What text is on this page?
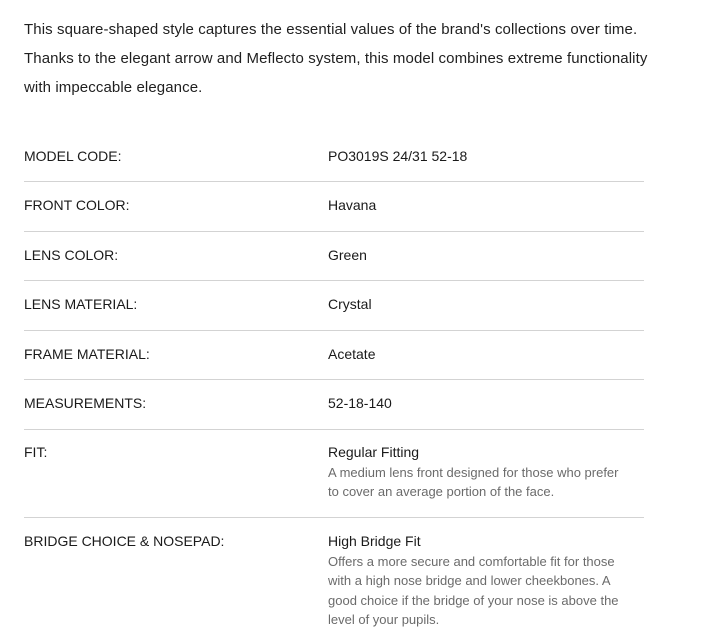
This square-shaped style captures the essential values of the brand's collections over time. Thanks to the elegant arrow and Meflecto system, this model combines extreme functionality with impeccable elegance.

MODEL CODE:	PO3019S 24/31 52-18
FRONT COLOR:	Havana
LENS COLOR:	Green
LENS MATERIAL:	Crystal
FRAME MATERIAL:	Acetate
MEASUREMENTS:	52-18-140
FIT:	Regular Fitting
A medium lens front designed for those who prefer to cover an average portion of the face.
BRIDGE CHOICE & NOSEPAD:	High Bridge Fit
Offers a more secure and comfortable fit for those with a high nose bridge and lower cheekbones. A good choice if the bridge of your nose is above the level of your pupils.
